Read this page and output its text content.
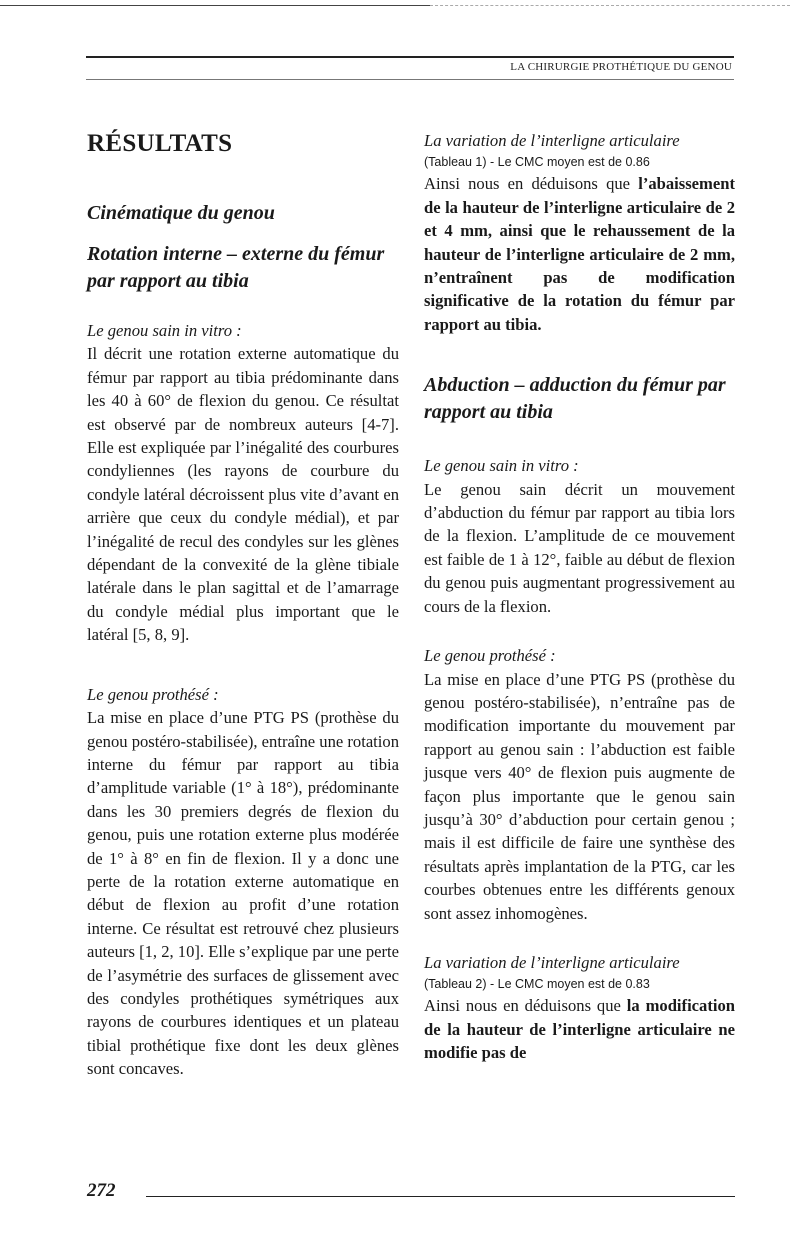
LA CHIRURGIE PROTHÉTIQUE DU GENOU
RÉSULTATS
Cinématique du genou
Rotation interne – externe du fémur par rapport au tibia

Le genou sain in vitro :

Il décrit une rotation externe automatique du fémur par rapport au tibia prédominante dans les 40 à 60° de flexion du genou. Ce résultat est observé par de nombreux auteurs [4-7]. Elle est expliquée par l’inégalité des courbures condyliennes (les rayons de courbure du condyle latéral décroissent plus vite d’avant en arrière que ceux du condyle médial), et par l’inégalité de recul des condyles sur les glènes dépendant de la convexité de la glène tibiale latérale dans le plan sagittal et de l’amarrage du condyle médial plus important que le latéral [5, 8, 9].

Le genou prothésé :

La mise en place d’une PTG PS (prothèse du genou postéro-stabilisée), entraîne une rotation interne du fémur par rapport au tibia d’amplitude variable (1° à 18°), prédominante dans les 30 premiers degrés de flexion du genou, puis une rotation externe plus modérée de 1° à 8° en fin de flexion. Il y a donc une perte de la rotation externe automatique en début de flexion au profit d’une rotation interne. Ce résultat est retrouvé chez plusieurs auteurs [1, 2, 10]. Elle s’explique par une perte de l’asymétrie des surfaces de glissement avec des condyles prothétiques symétriques aux rayons de courbures identiques et un plateau tibial prothétique fixe dont les deux glènes sont concaves.

La variation de l’interligne articulaire

(Tableau 1) - Le CMC moyen est de 0.86

Ainsi nous en déduisons que l’abaissement de la hauteur de l’interligne articulaire de 2 et 4 mm, ainsi que le rehaussement de la hauteur de l’interligne articulaire de 2 mm, n’entraînent pas de modification significative de la rotation du fémur par rapport au tibia.

Abduction – adduction du fémur par rapport au tibia

Le genou sain in vitro :

Le genou sain décrit un mouvement d’abduction du fémur par rapport au tibia lors de la flexion. L’amplitude de ce mouvement est faible de 1 à 12°, faible au début de flexion du genou puis augmentant progressivement au cours de la flexion.

Le genou prothésé :

La mise en place d’une PTG PS (prothèse du genou postéro-stabilisée), n’entraîne pas de modification importante du mouvement par rapport au genou sain : l’abduction est faible jusque vers 40° de flexion puis augmente de façon plus importante que le genou sain jusqu’à 30° d’abduction pour certain genou ; mais il est difficile de faire une synthèse des résultats après implantation de la PTG, car les courbes obtenues entre les différents genoux sont assez inhomogènes.

La variation de l’interligne articulaire

(Tableau 2) - Le CMC moyen est de 0.83

Ainsi nous en déduisons que la modification de la hauteur de l’interligne articulaire ne modifie pas de

272
